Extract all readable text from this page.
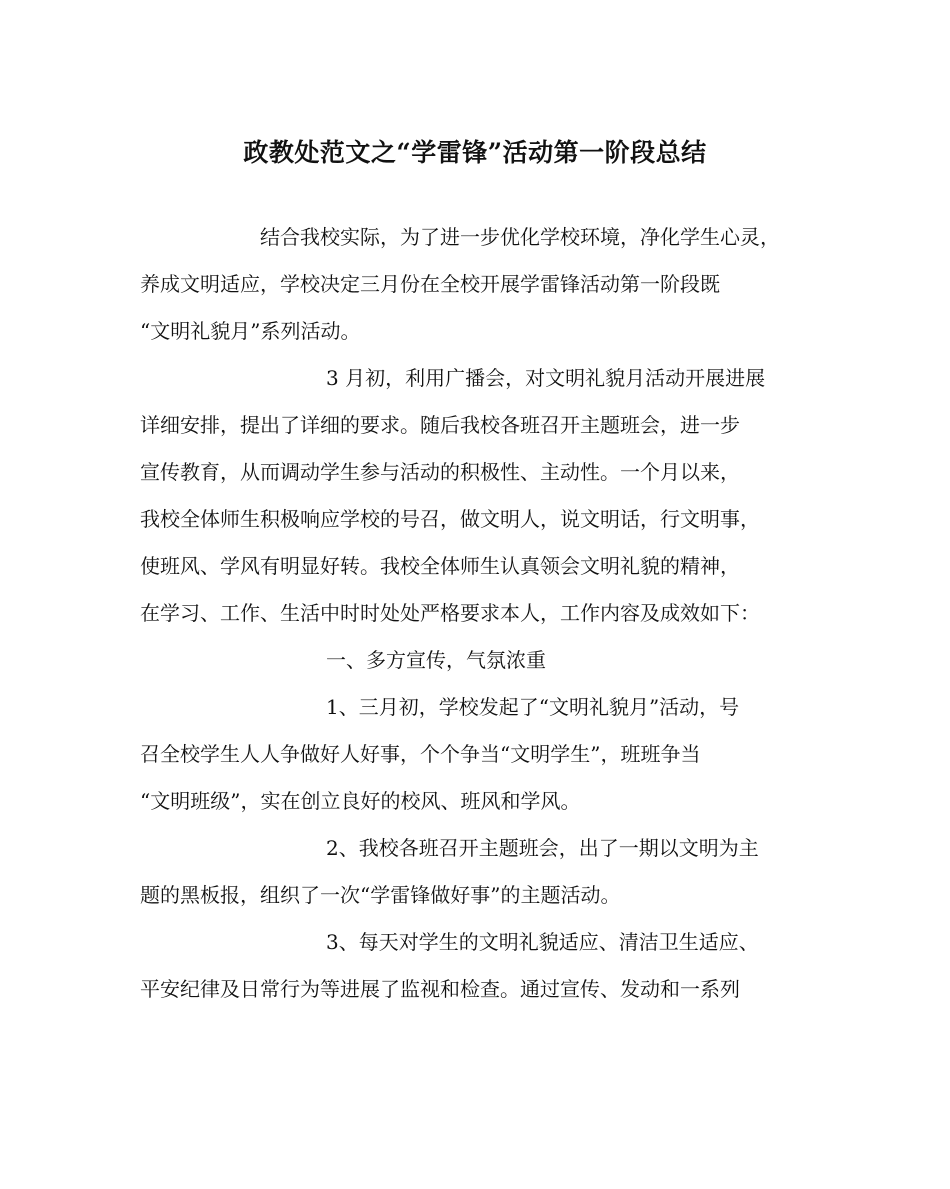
政教处范文之“学雷锋”活动第一阶段总结
结合我校实际，为了进一步优化学校环境，净化学生心灵，
养成文明适应，学校决定三月份在全校开展学雷锋活动第一阶段既
“文明礼貌月”系列活动。
3 月初，利用广播会，对文明礼貌月活动开展进展
详细安排，提出了详细的要求。随后我校各班召开主题班会，进一步
宣传教育，从而调动学生参与活动的积极性、主动性。一个月以来，
我校全体师生积极响应学校的号召，做文明人，说文明话，行文明事，
使班风、学风有明显好转。我校全体师生认真领会文明礼貌的精神，
在学习、工作、生活中时时处处严格要求本人，工作内容及成效如下：
一、多方宣传，气氛浓重
1、三月初，学校发起了“文明礼貌月”活动，号
召全校学生人人争做好人好事，个个争当“文明学生”，班班争当
“文明班级”，实在创立良好的校风、班风和学风。
2、我校各班召开主题班会，出了一期以文明为主
题的黑板报，组织了一次“学雷锋做好事”的主题活动。
3、每天对学生的文明礼貌适应、清洁卫生适应、
平安纪律及日常行为等进展了监视和检查。通过宣传、发动和一系列
